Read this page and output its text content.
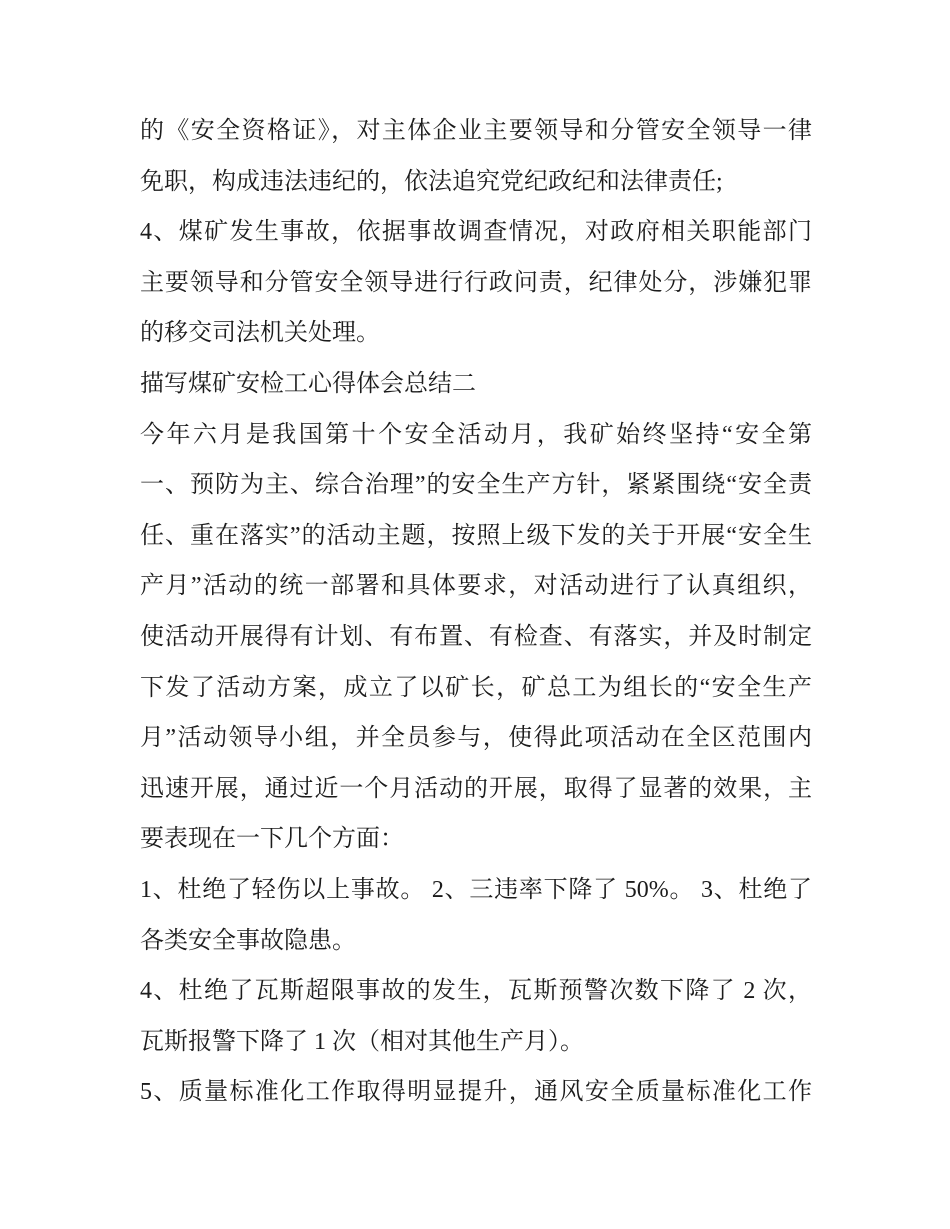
的《安全资格证》，对主体企业主要领导和分管安全领导一律
免职，构成违法违纪的，依法追究党纪政纪和法律责任;
4、煤矿发生事故，依据事故调查情况，对政府相关职能部门
主要领导和分管安全领导进行行政问责，纪律处分，涉嫌犯罪
的移交司法机关处理。
描写煤矿安检工心得体会总结二
今年六月是我国第十个安全活动月，我矿始终坚持“安全第
一、预防为主、综合治理”的安全生产方针，紧紧围绕“安全责
任、重在落实”的活动主题，按照上级下发的关于开展“安全生
产月”活动的统一部署和具体要求，对活动进行了认真组织，
使活动开展得有计划、有布置、有检查、有落实，并及时制定
下发了活动方案，成立了以矿长，矿总工为组长的“安全生产
月”活动领导小组，并全员参与，使得此项活动在全区范围内
迅速开展，通过近一个月活动的开展，取得了显著的效果，主
要表现在一下几个方面：
1、杜绝了轻伤以上事故。 2、三违率下降了 50%。 3、杜绝了
各类安全事故隐患。
4、杜绝了瓦斯超限事故的发生，瓦斯预警次数下降了 2 次，
瓦斯报警下降了 1 次（相对其他生产月）。
5、质量标准化工作取得明显提升，通风安全质量标准化工作
